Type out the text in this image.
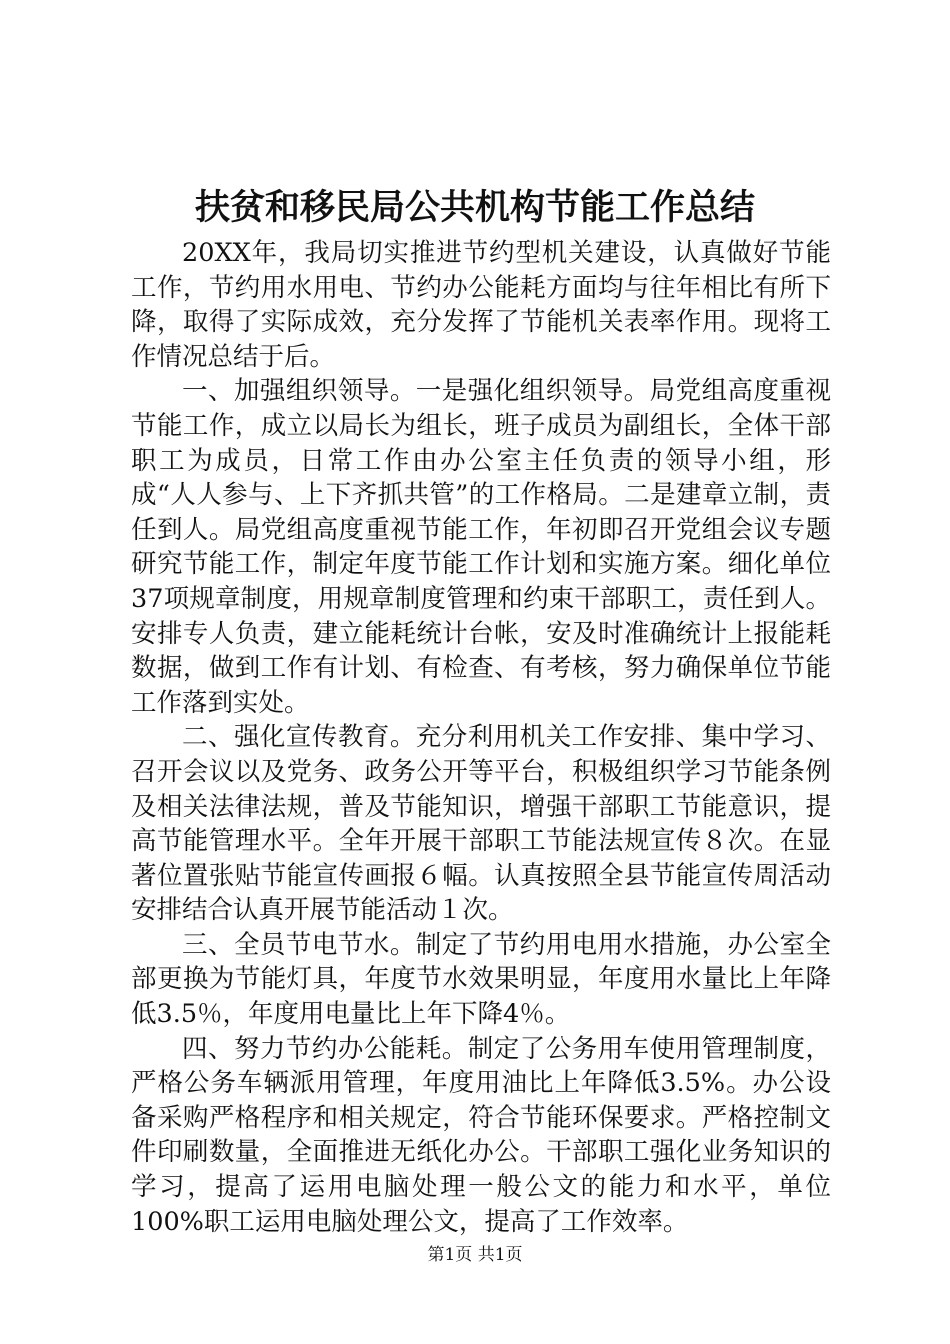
扶贫和移民局公共机构节能工作总结

20XX年，我局切实推进节约型机关建设，认真做好节能工作，节约用水用电、节约办公能耗方面均与往年相比有所下降，取得了实际成效，充分发挥了节能机关表率作用。现将工作情况总结于后。

一、加强组织领导。一是强化组织领导。局党组高度重视节能工作，成立以局长为组长，班子成员为副组长，全体干部职工为成员，日常工作由办公室主任负责的领导小组，形成“人人参与、上下齐抓共管”的工作格局。二是建章立制，责任到人。局党组高度重视节能工作，年初即召开党组会议专题研究节能工作，制定年度节能工作计划和实施方案。细化单位37项规章制度，用规章制度管理和约束干部职工，责任到人。安排专人负责，建立能耗统计台帐，安及时准确统计上报能耗数据，做到工作有计划、有检查、有考核，努力确保单位节能工作落到实处。

二、强化宣传教育。充分利用机关工作安排、集中学习、召开会议以及党务、政务公开等平台，积极组织学习节能条例及相关法律法规，普及节能知识，增强干部职工节能意识，提高节能管理水平。全年开展干部职工节能法规宣传８次。在显著位置张贴节能宣传画报６幅。认真按照全县节能宣传周活动安排结合认真开展节能活动１次。

三、全员节电节水。制定了节约用电用水措施，办公室全部更换为节能灯具，年度节水效果明显，年度用水量比上年降低3.5％，年度用电量比上年下降4％。

四、努力节约办公能耗。制定了公务用车使用管理制度，严格公务车辆派用管理，年度用油比上年降低3.5%。办公设备采购严格程序和相关规定，符合节能环保要求。严格控制文件印刷数量，全面推进无纸化办公。干部职工强化业务知识的学习，提高了运用电脑处理一般公文的能力和水平，单位100%职工运用电脑处理公文，提高了工作效率。

第1页 共1页
